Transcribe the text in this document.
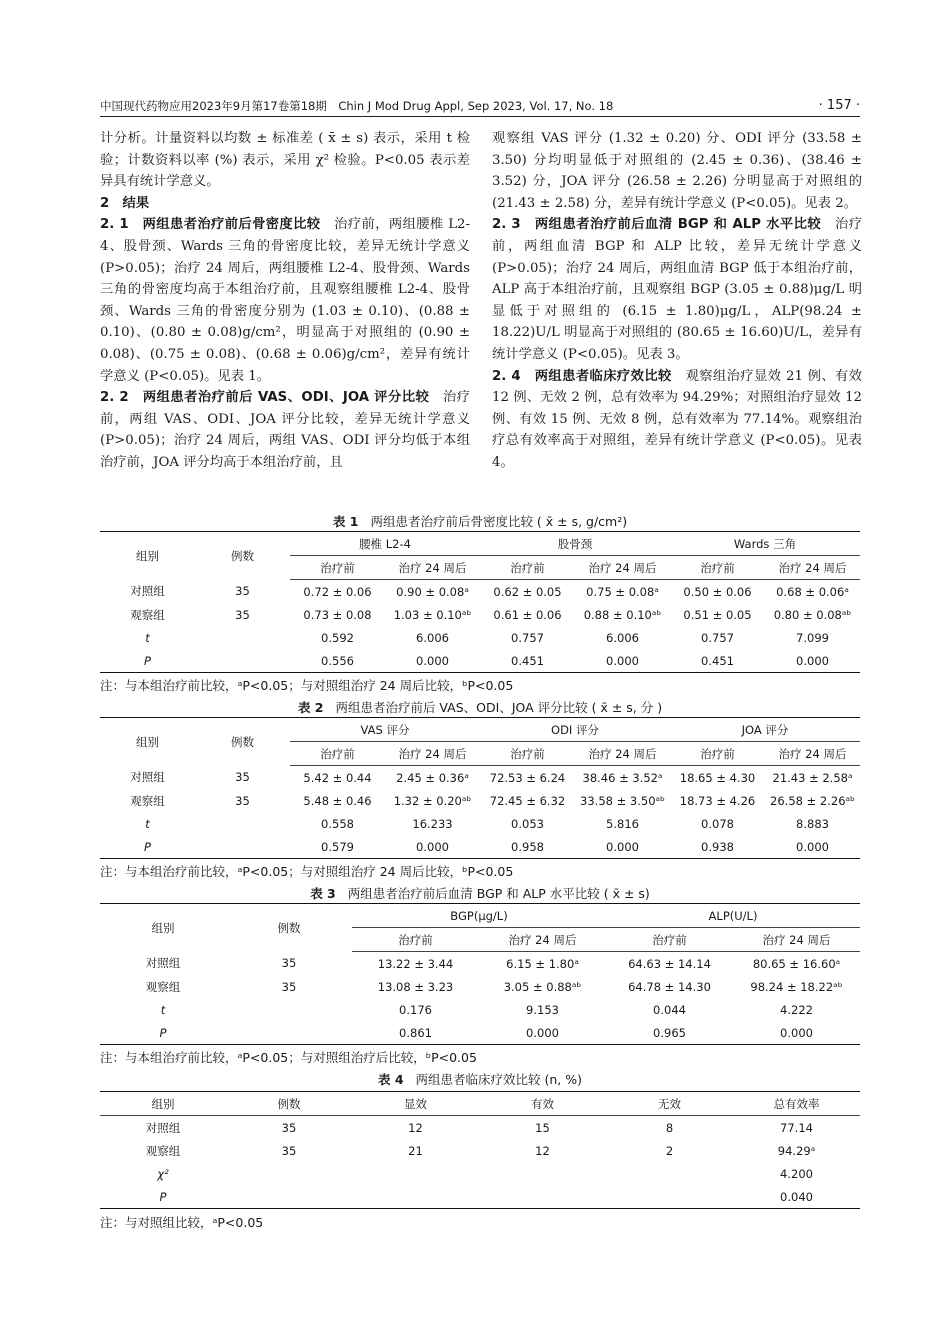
中国现代药物应用2023年9月第17卷第18期　Chin J Mod Drug Appl, Sep 2023, Vol. 17, No. 18	· 157 ·

计分析。计量资料以均数 ± 标准差 ( x̄ ± s) 表示，采用 t 检验；计数资料以率 (%) 表示，采用 χ² 检验。P<0.05 表示差异具有统计学意义。

2　结果

2. 1　两组患者治疗前后骨密度比较　 治疗前，两组腰椎 L2-4、股骨颈、Wards 三角的骨密度比较，差异无统计学意义 (P>0.05)；治疗 24 周后，两组腰椎 L2-4、股骨颈、Wards 三角的骨密度均高于本组治疗前，且观察组腰椎 L2-4、股骨颈、Wards 三角的骨密度分别为 (1.03 ± 0.10)、(0.88 ± 0.10)、(0.80 ± 0.08)g/cm²，明显高于对照组的 (0.90 ± 0.08)、(0.75 ± 0.08)、(0.68 ± 0.06)g/cm²，差异有统计学意义 (P<0.05)。见表 1。

2. 2　两组患者治疗前后 VAS、ODI、JOA 评分比较　 治疗前，两组 VAS、ODI、JOA 评分比较，差异无统计学意义 (P>0.05)；治疗 24 周后，两组 VAS、ODI 评分均低于本组治疗前，JOA 评分均高于本组治疗前，且

观察组 VAS 评分 (1.32 ± 0.20) 分、ODI 评分 (33.58 ± 3.50) 分均明显低于对照组的 (2.45 ± 0.36)、(38.46 ± 3.52) 分，JOA 评分 (26.58 ± 2.26) 分明显高于对照组的 (21.43 ± 2.58) 分，差异有统计学意义 (P<0.05)。见表 2。

2. 3　两组患者治疗前后血清 BGP 和 ALP 水平比较　 治疗前，两组血清 BGP 和 ALP 比较，差异无统计学意义 (P>0.05)；治疗 24 周后，两组血清 BGP 低于本组治疗前，ALP 高于本组治疗前，且观察组 BGP (3.05 ± 0.88)μg/L 明显低于对照组的 (6.15 ± 1.80)μg/L，ALP(98.24 ± 18.22)U/L 明显高于对照组的 (80.65 ± 16.60)U/L，差异有统计学意义 (P<0.05)。见表 3。

2. 4　两组患者临床疗效比较　 观察组治疗显效 21 例、有效 12 例、无效 2 例，总有效率为 94.29%；对照组治疗显效 12 例、有效 15 例、无效 8 例，总有效率为 77.14%。观察组治疗总有效率高于对照组，差异有统计学意义 (P<0.05)。见表 4。

表 1 两组患者治疗前后骨密度比较 ( x̄ ± s, g/cm²)
组别	例数	腰椎 L2-4		股骨颈		Wards 三角	
		治疗前	治疗 24 周后	治疗前	治疗 24 周后	治疗前	治疗 24 周后
对照组	35	0.72 ± 0.06	0.90 ± 0.08ᵃ	0.62 ± 0.05	0.75 ± 0.08ᵃ	0.50 ± 0.06	0.68 ± 0.06ᵃ
观察组	35	0.73 ± 0.08	1.03 ± 0.10ᵃᵇ	0.61 ± 0.06	0.88 ± 0.10ᵃᵇ	0.51 ± 0.05	0.80 ± 0.08ᵃᵇ
t		0.592	6.006	0.757	6.006	0.757	7.099
P		0.556	0.000	0.451	0.000	0.451	0.000
注：与本组治疗前比较，ᵃP<0.05；与对照组治疗 24 周后比较，ᵇP<0.05
表 2 两组患者治疗前后 VAS、ODI、JOA 评分比较 ( x̄ ± s, 分 )
组别	例数	VAS 评分		ODI 评分		JOA 评分	
		治疗前	治疗 24 周后	治疗前	治疗 24 周后	治疗前	治疗 24 周后
对照组	35	5.42 ± 0.44	2.45 ± 0.36ᵃ	72.53 ± 6.24	38.46 ± 3.52ᵃ	18.65 ± 4.30	21.43 ± 2.58ᵃ
观察组	35	5.48 ± 0.46	1.32 ± 0.20ᵃᵇ	72.45 ± 6.32	33.58 ± 3.50ᵃᵇ	18.73 ± 4.26	26.58 ± 2.26ᵃᵇ
t		0.558	16.233	0.053	5.816	0.078	8.883
P		0.579	0.000	0.958	0.000	0.938	0.000
注：与本组治疗前比较，ᵃP<0.05；与对照组治疗 24 周后比较，ᵇP<0.05
表 3 两组患者治疗前后血清 BGP 和 ALP 水平比较 ( x̄ ± s)
组别	例数	BGP(μg/L)		ALP(U/L)	
		治疗前	治疗 24 周后	治疗前	治疗 24 周后
对照组	35	13.22 ± 3.44	6.15 ± 1.80ᵃ	64.63 ± 14.14	80.65 ± 16.60ᵃ
观察组	35	13.08 ± 3.23	3.05 ± 0.88ᵃᵇ	64.78 ± 14.30	98.24 ± 18.22ᵃᵇ
t		0.176	9.153	0.044	4.222
P		0.861	0.000	0.965	0.000
注：与本组治疗前比较，ᵃP<0.05；与对照组治疗后比较，ᵇP<0.05
表 4 两组患者临床疗效比较 (n, %)
组别	例数	显效	有效	无效	总有效率
对照组	35	12	15	8	77.14
观察组	35	21	12	2	94.29ᵃ
χ²					4.200
P					0.040
注：与对照组比较，ᵃP<0.05
